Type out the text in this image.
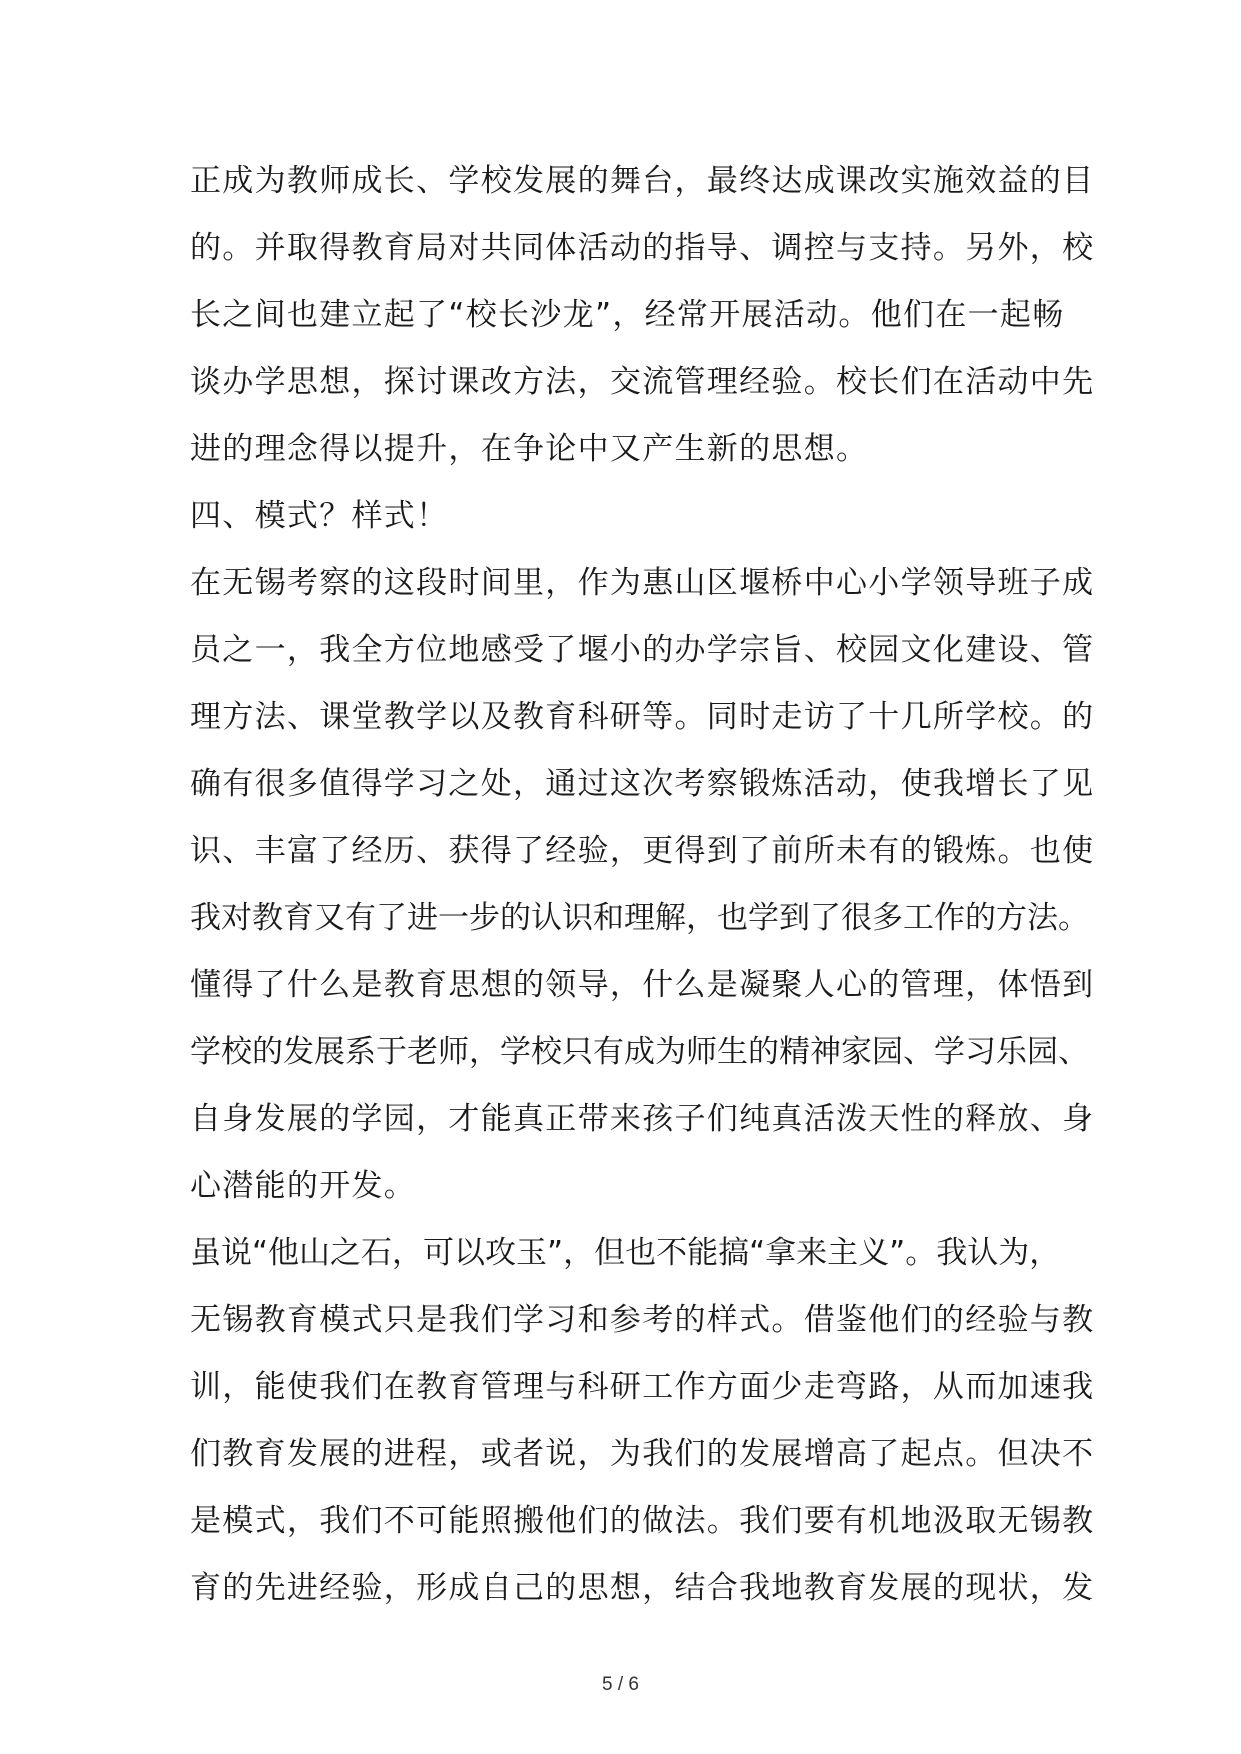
正成为教师成长、学校发展的舞台，最终达成课改实施效益的目
的。并取得教育局对共同体活动的指导、调控与支持。另外，校
长之间也建立起了“校长沙龙”，经常开展活动。他们在一起畅
谈办学思想，探讨课改方法，交流管理经验。校长们在活动中先
进的理念得以提升，在争论中又产生新的思想。
四、模式？样式！
在无锡考察的这段时间里，作为惠山区堰桥中心小学领导班子成
员之一，我全方位地感受了堰小的办学宗旨、校园文化建设、管
理方法、课堂教学以及教育科研等。同时走访了十几所学校。的
确有很多值得学习之处，通过这次考察锻炼活动，使我增长了见
识、丰富了经历、获得了经验，更得到了前所未有的锻炼。也使
我对教育又有了进一步的认识和理解，也学到了很多工作的方法。
懂得了什么是教育思想的领导，什么是凝聚人心的管理，体悟到
学校的发展系于老师，学校只有成为师生的精神家园、学习乐园、
自身发展的学园，才能真正带来孩子们纯真活泼天性的释放、身
心潜能的开发。
虽说“他山之石，可以攻玉”，但也不能搞“拿来主义”。我认为，
无锡教育模式只是我们学习和参考的样式。借鉴他们的经验与教
训，能使我们在教育管理与科研工作方面少走弯路，从而加速我
们教育发展的进程，或者说，为我们的发展增高了起点。但决不
是模式，我们不可能照搬他们的做法。我们要有机地汲取无锡教
育的先进经验，形成自己的思想，结合我地教育发展的现状，发
5 / 6
